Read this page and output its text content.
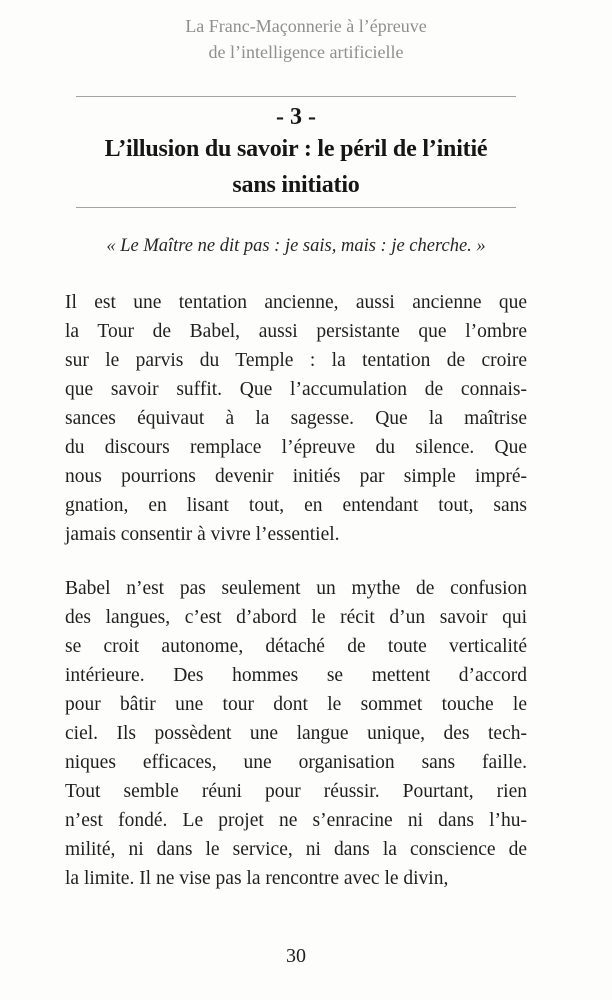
La Franc-Maçonnerie à l’épreuve
de l’intelligence artificielle
- 3 -
L’illusion du savoir : le péril de l’initié
sans initiatio
« Le Maître ne dit pas : je sais, mais : je cherche. »
Il est une tentation ancienne, aussi ancienne que
la Tour de Babel, aussi persistante que l’ombre
sur le parvis du Temple : la tentation de croire
que savoir suffit. Que l’accumulation de connais-
sances équivaut à la sagesse. Que la maîtrise
du discours remplace l’épreuve du silence. Que
nous pourrions devenir initiés par simple impré-
gnation, en lisant tout, en entendant tout, sans
jamais consentir à vivre l’essentiel.
Babel n’est pas seulement un mythe de confusion
des langues, c’est d’abord le récit d’un savoir qui
se croit autonome, détaché de toute verticalité
intérieure. Des hommes se mettent d’accord
pour bâtir une tour dont le sommet touche le
ciel. Ils possèdent une langue unique, des tech-
niques efficaces, une organisation sans faille.
Tout semble réuni pour réussir. Pourtant, rien
n’est fondé. Le projet ne s’enracine ni dans l’hu-
milité, ni dans le service, ni dans la conscience de
la limite. Il ne vise pas la rencontre avec le divin,
30
